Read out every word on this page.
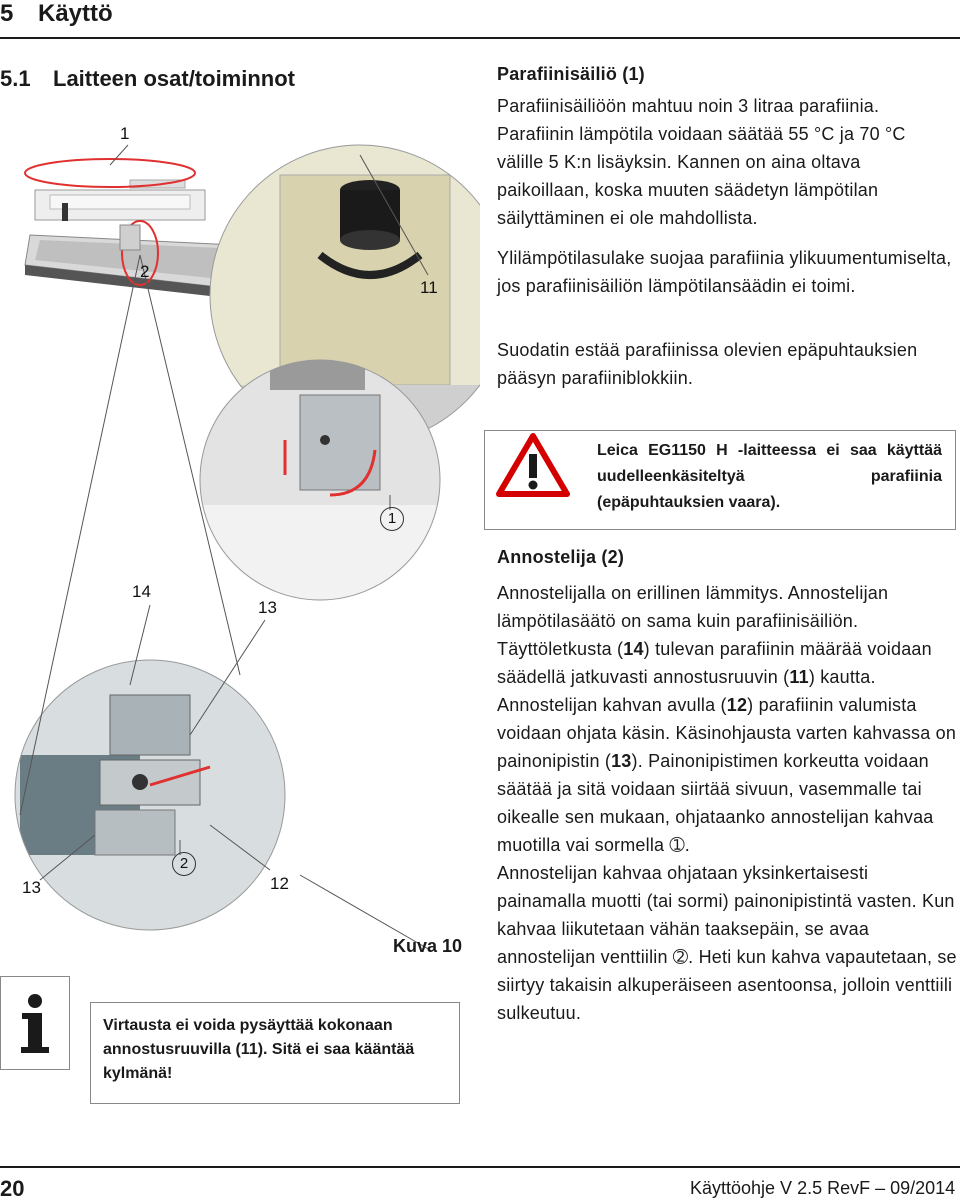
5 Käyttö
5.1 Laitteen osat/toiminnot
1
2
11
1
14
13
13
2
12
Kuva 10
Virtausta ei voida pysäyttää kokonaan annostusruuvilla (11). Sitä ei saa kääntää kylmänä!
Parafiinisäiliö (1)

Parafiinisäiliöön mahtuu noin 3 litraa parafiinia. Parafiinin lämpötila voidaan säätää 55 °C ja 70 °C välille 5 K:n lisäyksin. Kannen on aina oltava paikoillaan, koska muuten säädetyn lämpötilan säilyttäminen ei ole mahdollista.

Ylilämpötilasulake suojaa parafiinia ylikuumentumiselta, jos parafiinisäiliön lämpötilansäädin ei toimi.

Suodatin estää parafiinissa olevien epäpuhtauksien pääsyn parafiiniblokkiin.

Leica EG1150 H -laitteessa ei saa käyttää uudelleenkäsiteltyä parafiinia (epäpuhtauksien vaara).
Annostelija (2)

Annostelijalla on erillinen lämmitys. Annostelijan lämpötilasäätö on sama kuin parafiinisäiliön.

Täyttöletkusta (14) tulevan parafiinin määrää voidaan säädellä jatkuvasti annostusruuvin (11) kautta.

Annostelijan kahvan avulla (12) parafiinin valumista voidaan ohjata käsin. Käsinohjausta varten kahvassa on painonipistin (13). Painonipistimen korkeutta voidaan säätää ja sitä voidaan siirtää sivuun, vasemmalle tai oikealle sen mukaan, ohjataanko annostelijan kahvaa muotilla vai sormella ➀.

Annostelijan kahvaa ohjataan yksinkertaisesti painamalla muotti (tai sormi) painonipistintä vasten. Kun kahvaa liikutetaan vähän taaksepäin, se avaa annostelijan venttiilin ➁. Heti kun kahva vapautetaan, se siirtyy takaisin alkuperäiseen asentoonsa, jolloin venttiili sulkeutuu.

20	Käyttöohje V 2.5 RevF – 09/2014
